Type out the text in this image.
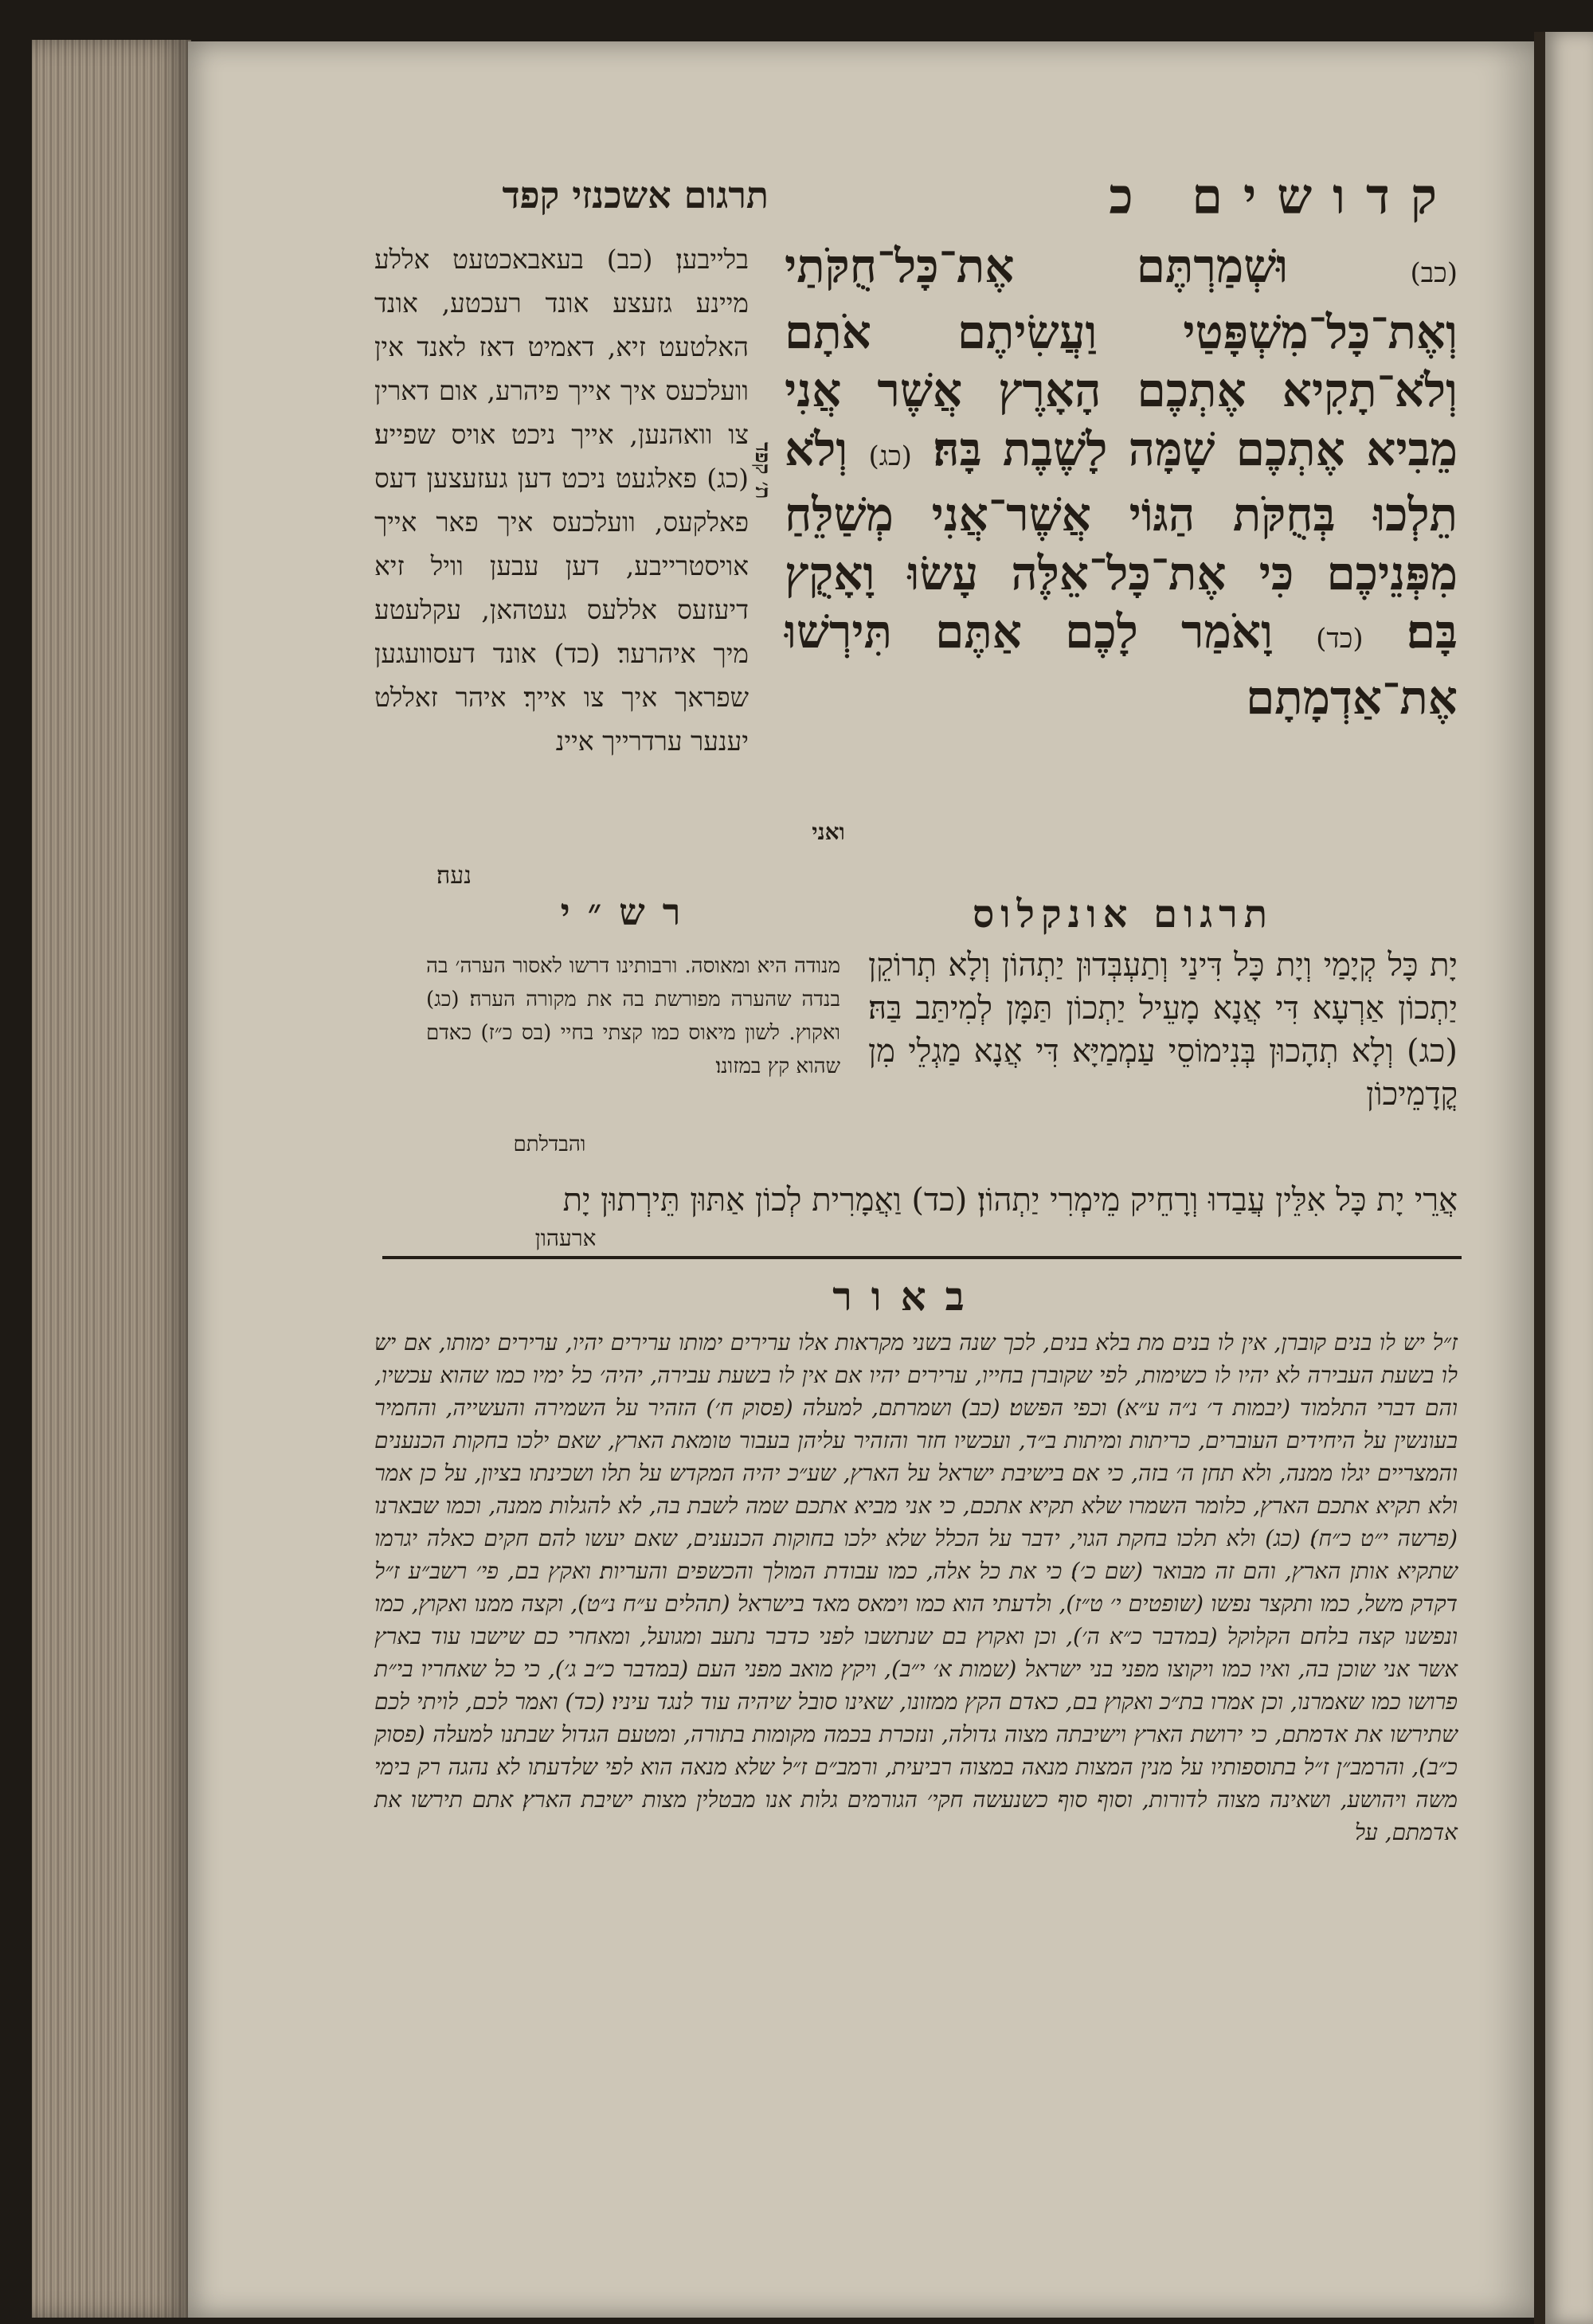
קדושים כ
תרגום אשכנזי קפד
(כב) וּשְׁמַרְתֶּם אֶת־כָּל־חֻקֹּתַי וְאֶת־כָּל־מִשְׁפָּטַי וַעֲשִׂיתֶם אֹתָם וְלֹא־תָקִיא אֶתְכֶם הָאָרֶץ אֲשֶׁר אֲנִי מֵבִיא אֶתְכֶם שָׁמָּה לָשֶׁבֶת בָּהּ׃ (כג) וְלֹא תֵלְכוּ בְּחֻקֹּת הַגּוֹי אֲשֶׁר־אֲנִי מְשַׁלֵּחַ מִפְּנֵיכֶם כִּי אֶת־כָּל־אֵלֶּה עָשׂוּ וָאָקֻץ בָּם׃ (כד) וָאֹמַר לָכֶם אַתֶּם תִּירְשׁוּ אֶת־אַדְמָתָם
ואני
ת׳ קפד
בלייבען׃ (כב) בעאבאכטעט אללע מיינע גזעצע אונד רעכטע, אונד האלטעט זיא, דאמיט דאז לאנד אין וועלכעס איך אייך פיהרע, אום דארין צו וואהנען, אייך ניכט אויס שפייע׃ (כג) פאלגעט ניכט דען געזעצען דעס פאלקעס, וועלכעס איך פאר אייך אויסטרייבע, דען עבען וויל זיא דיעזעס אללעס געטהאן, עקלעטע מיך איהרער׃ (כד) אונד דעסוועגען שפראך איך צו אייך׃ איהר זאללט יענער ערדרייך איינ
נעה׃
תרגום אונקלוס
רש״י
יָת כָּל קְיָמַי וְיָת כָּל דִּינַי וְתַעְבְּדוּן יַתְהוֹן וְלָא תְרוֹקֵן יַתְכוֹן אַרְעָא דִּי אֲנָא מָעֵיל יַתְכוֹן תַּמָּן לְמִיתַּב בַּהּ׃ (כג) וְלָא תְהָכוּן בְּנִימוֹסֵי עַמְמַיָּא דִּי אֲנָא מַגְלֵי מִן קֳדָמֵיכוֹן
מנודה היא ומאוסה. ורבותינו דרשו לאסור הערה׳ בה בנדה שהערה מפורשת בה את מקורה הערה׃ (כג) ואקוץ. לשון מיאוס כמו קצתי בחיי (בס כ״ז) כאדם שהוא קץ במזונו׃
והבדלתם
אֲרֵי יָת כָּל אִלֵּין עֲבַדוּ וְרָחֵיק מֵימְרִי יַתְהוֹן׃ (כד) וַאֲמָרִית לְכוֹן אַתּוּן תֵּירְתוּן יָת
ארעהון
באור
ז״ל יש לו בנים קוברן, אין לו בנים מת בלא בנים, לכך שנה בשני מקראות אלו ערירים ימותו ערירים יהיו, ערירים ימותו, אם יש לו בשעת העבירה לא יהיו לו כשימות, לפי שקוברן בחייו, ערירים יהיו אם אין לו בשעת עבירה, יהיה׳ כל ימיו כמו שהוא עכשיו, והם דברי התלמוד (יבמות ד׳ נ״ה ע״א) וכפי הפשט׃ (כב) ושמרתם, למעלה (פסוק ח׳) הזהיר על השמירה והעשייה, והחמיר בעונשין על היחידים העוברים, כריתות ומיתות ב״ד, ועכשיו חזר והזהיר עליהן בעבור טומאת הארץ, שאם ילכו בחקות הכנענים והמצריים יגלו ממנה, ולא תחן ה׳ בזה, כי אם בישיבת ישראל על הארץ, שע״כ יהיה המקדש על תלו ושכינתו בציון, על כן אמר ולא תקיא אתכם הארץ, כלומר השמרו שלא תקיא אתכם, כי אני מביא אתכם שמה לשבת בה, לא להגלות ממנה, וכמו שבארנו (פרשה י״ט כ״ח)׃ (כג) ולא תלכו בחקת הגוי, ידבר על הכלל שלא ילכו בחוקות הכנענים, שאם יעשו להם חקים כאלה יגרמו שתקיא אותן הארץ, והם זה מבואר (שם כ׳)׃ כי את כל אלה, כמו עבודת המולך והכשפים והעריות׃ ואקץ בם, פי׳ רשב״ע ז״ל דקדק משל, כמו ותקצר נפשו (שופטים י׳ ט״ז), ולדעתי הוא כמו וימאס מאד בישראל (תהלים ע״ח נ״ט), וקצה ממנו ואקוץ, כמו ונפשנו קצה בלחם הקלוקל (במדבר כ״א ה׳), וכן ואקוץ בם שנתשבו לפני כדבר נתעב ומגועל, ומאחרי כם שישבו עוד בארץ אשר אני שוכן בה, ואיו כמו ויקוצו מפני בני ישראל (שמות א׳ י״ב), ויקץ מואב מפני העם (במדבר כ״ב ג׳), כי כל שאחריו בי״ת פרושו כמו שאמרנו, וכן אמרו בת״כ ואקוץ בם, כאדם הקץ ממזונו, שאינו סובל שיהיה עוד לנגד עיניו׃ (כד) ואמר לכם, לויתי לכם שתירשו את אדמתם, כי ירושת הארץ וישיבתה מצוה גדולה, ונזכרת בכמה מקומות בתורה, ומטעם הגדול שבתנו למעלה (פסוק כ״ב), והרמב״ן ז״ל בתוספותיו על מנין המצות מנאה במצוה רביעית, ורמב״ם ז״ל שלא מנאה הוא לפי שלדעתו לא נהגה רק בימי משה ויהושע, ושאינה מצוה לדורות, וסוף סוף כשנעשה חקי׳ הגורמים גלות אנו מבטלין מצות ישיבת הארץ׃ אתם תירשו את אדמתם, על
